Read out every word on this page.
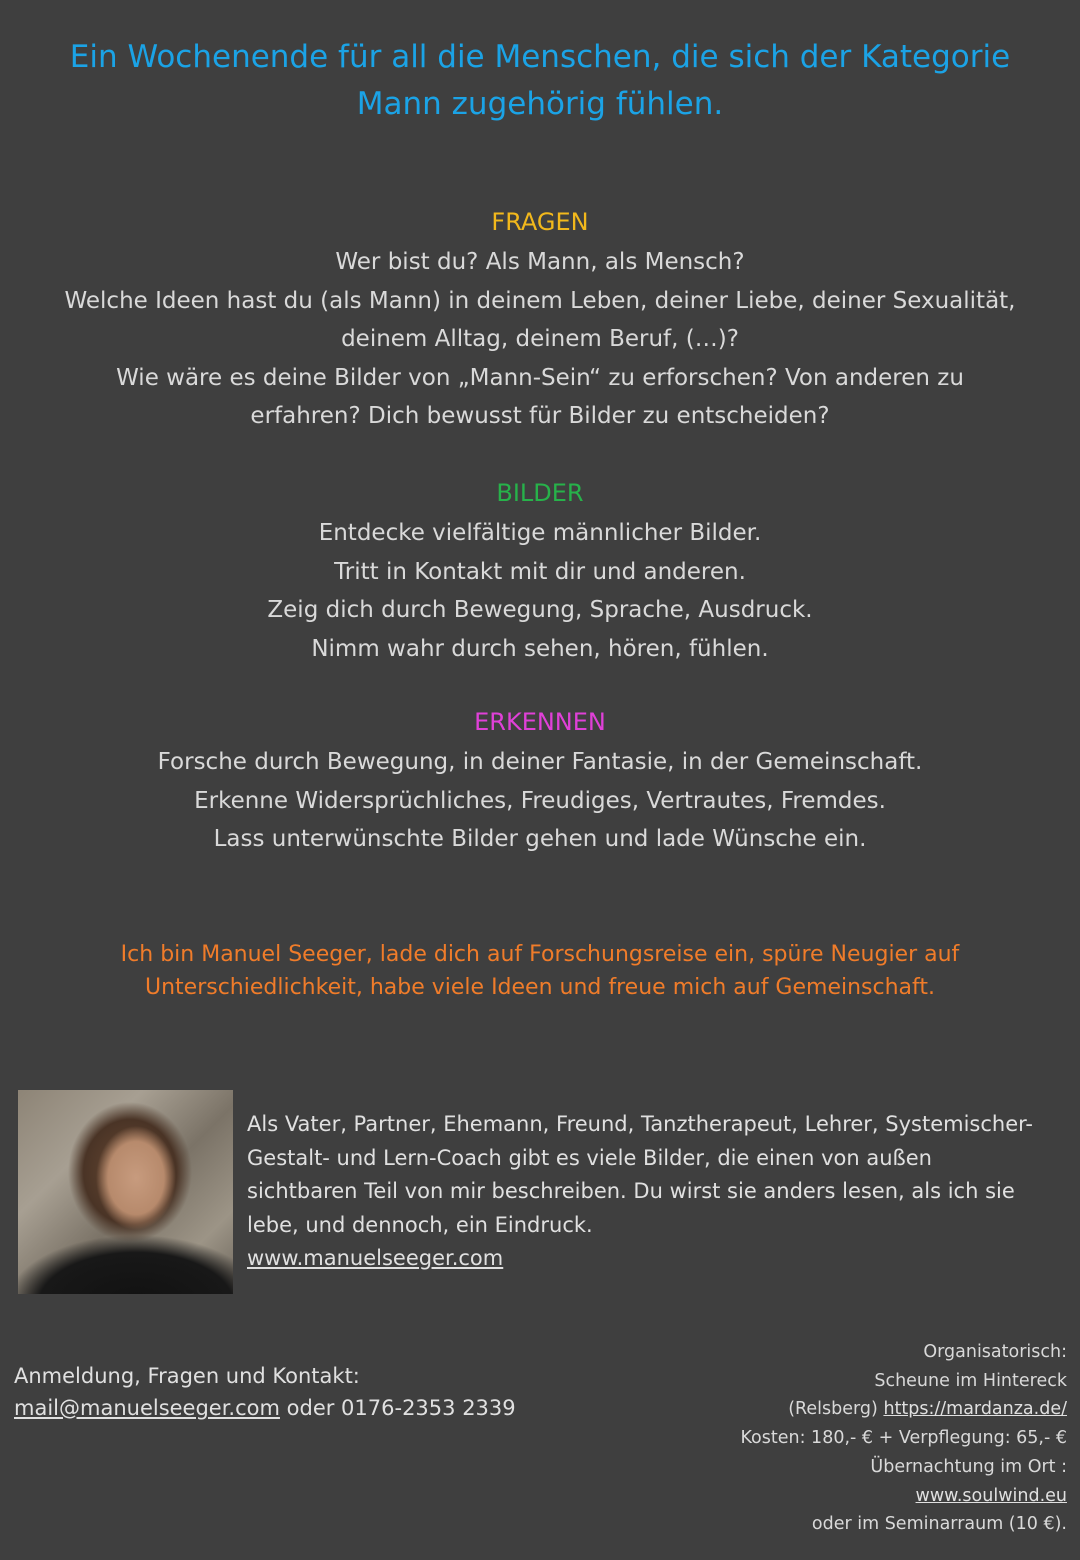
Ein Wochenende für all die Menschen, die sich der Kategorie
Mann zugehörig fühlen.
FRAGEN
Wer bist du? Als Mann, als Mensch?
Welche Ideen hast du (als Mann) in deinem Leben, deiner Liebe, deiner Sexualität,
deinem Alltag, deinem Beruf, (…)?
Wie wäre es deine Bilder von „Mann-Sein“ zu erforschen? Von anderen zu
erfahren? Dich bewusst für Bilder zu entscheiden?
BILDER
Entdecke vielfältige männlicher Bilder.
Tritt in Kontakt mit dir und anderen.
Zeig dich durch Bewegung, Sprache, Ausdruck.
Nimm wahr durch sehen, hören, fühlen.
ERKENNEN
Forsche durch Bewegung, in deiner Fantasie, in der Gemeinschaft.
Erkenne Widersprüchliches, Freudiges, Vertrautes, Fremdes.
Lass unterwünschte Bilder gehen und lade Wünsche ein.
Ich bin Manuel Seeger, lade dich auf Forschungsreise ein, spüre Neugier auf
Unterschiedlichkeit, habe viele Ideen und freue mich auf Gemeinschaft.
Als Vater, Partner, Ehemann, Freund, Tanztherapeut, Lehrer, Systemischer-
Gestalt- und Lern-Coach gibt es viele Bilder, die einen von außen
sichtbaren Teil von mir beschreiben. Du wirst sie anders lesen, als ich sie
lebe, und dennoch, ein Eindruck.
www.manuelseeger.com
Anmeldung, Fragen und Kontakt:
mail@manuelseeger.com oder 0176-2353 2339
Organisatorisch:
Scheune im Hintereck
(Relsberg) https://mardanza.de/
Kosten: 180,- € + Verpflegung: 65,- €
Übernachtung im Ort :
www.soulwind.eu
oder im Seminarraum (10 €).
